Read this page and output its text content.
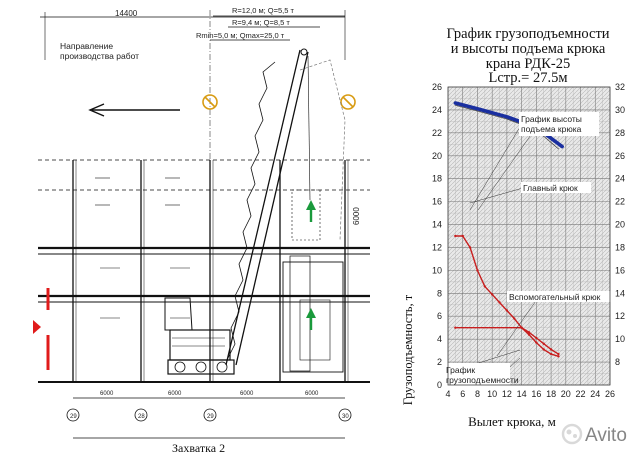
14400
Направление
производства работ
R=12,0 м; Q=5,5 т
R=9,4 м; Q=8,5 т
Rmin=5,0 м; Qmax=25,0 т
6000
6000	6000	6000	6000
29	28	29	30
Захватка 2
График грузоподъемности
и высоты подъема крюка
крана РДК-25
Lстр.= 27.5м
График высоты
подъема крюка
Главный крюк
Вспомогательный крюк
График
грузоподъемности
4 6 8 10 12 14 16 18 20 22 24 26
0
2
4
6
8
10
12
14
16
18
20
22
24
26
8
10
12
14
16
18
20
22
24
26
28
30
32
Грузоподъемность, т
Вылет крюка, м
Avito
